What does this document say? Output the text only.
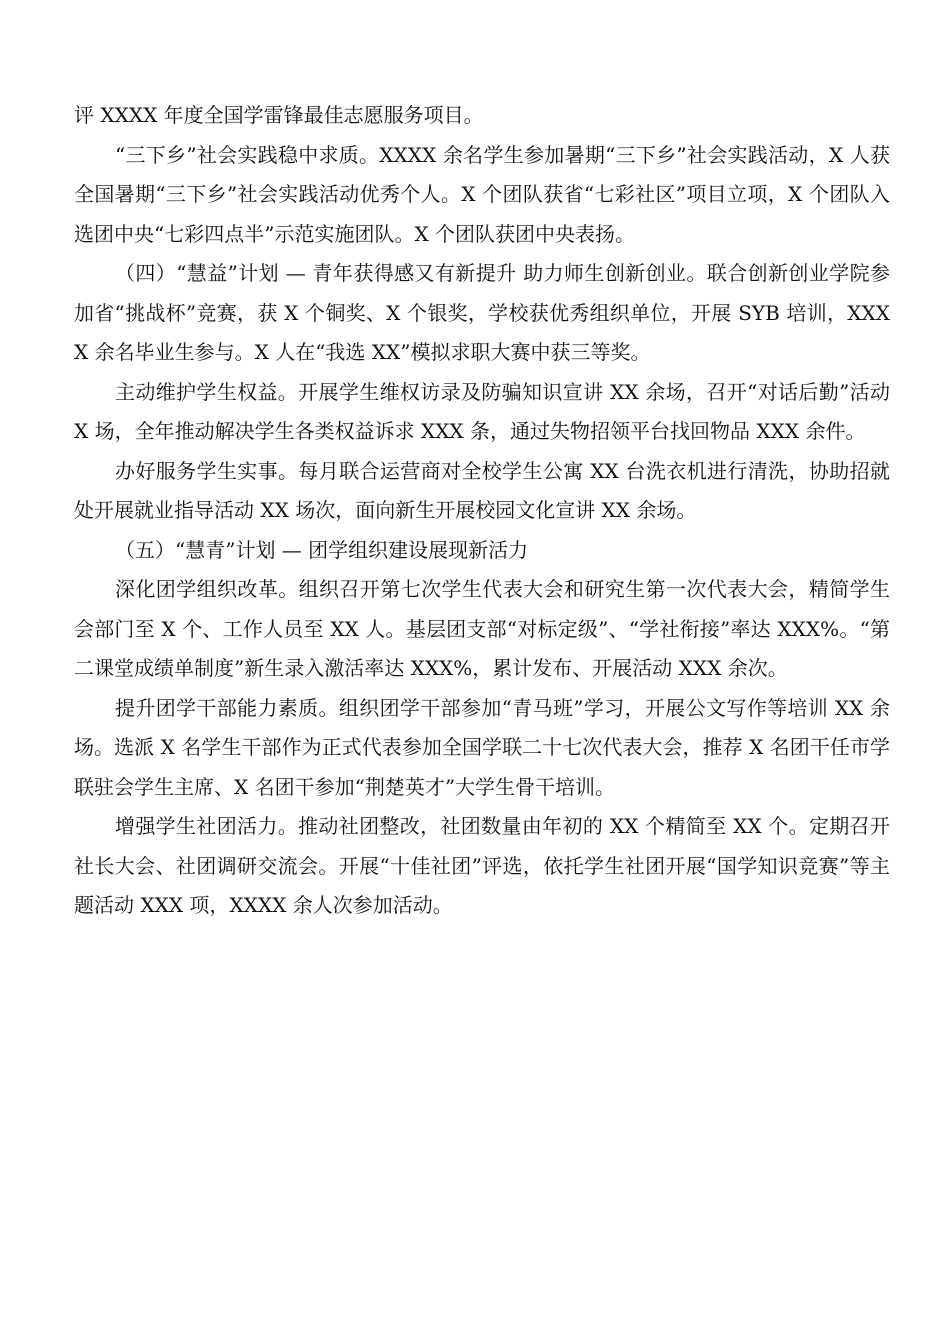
评 XXXX 年度全国学雷锋最佳志愿服务项目。

“三下乡”社会实践稳中求质。XXXX 余名学生参加暑期“三下乡”社会实践活动，X 人获全国暑期“三下乡”社会实践活动优秀个人。X 个团队获省“七彩社区”项目立项，X 个团队入选团中央“七彩四点半”示范实施团队。X 个团队获团中央表扬。

（四）“慧益”计划 — 青年获得感又有新提升 助力师生创新创业。联合创新创业学院参加省“挑战杯”竞赛，获 X 个铜奖、X 个银奖，学校获优秀组织单位，开展 SYB 培训，XXXX 余名毕业生参与。X 人在“我选 XX”模拟求职大赛中获三等奖。

主动维护学生权益。开展学生维权访录及防骗知识宣讲 XX 余场，召开“对话后勤”活动 X 场，全年推动解决学生各类权益诉求 XXX 条，通过失物招领平台找回物品 XXX 余件。

办好服务学生实事。每月联合运营商对全校学生公寓 XX 台洗衣机进行清洗，协助招就处开展就业指导活动 XX 场次，面向新生开展校园文化宣讲 XX 余场。

（五）“慧青”计划 — 团学组织建设展现新活力

深化团学组织改革。组织召开第七次学生代表大会和研究生第一次代表大会，精简学生会部门至 X 个、工作人员至 XX 人。基层团支部“对标定级”、“学社衔接”率达 XXX%。“第二课堂成绩单制度”新生录入激活率达 XXX%，累计发布、开展活动 XXX 余次。

提升团学干部能力素质。组织团学干部参加“青马班”学习，开展公文写作等培训 XX 余场。选派 X 名学生干部作为正式代表参加全国学联二十七次代表大会，推荐 X 名团干任市学联驻会学生主席、X 名团干参加“荆楚英才”大学生骨干培训。

增强学生社团活力。推动社团整改，社团数量由年初的 XX 个精简至 XX 个。定期召开社长大会、社团调研交流会。开展“十佳社团”评选，依托学生社团开展“国学知识竞赛”等主题活动 XXX 项，XXXX 余人次参加活动。
